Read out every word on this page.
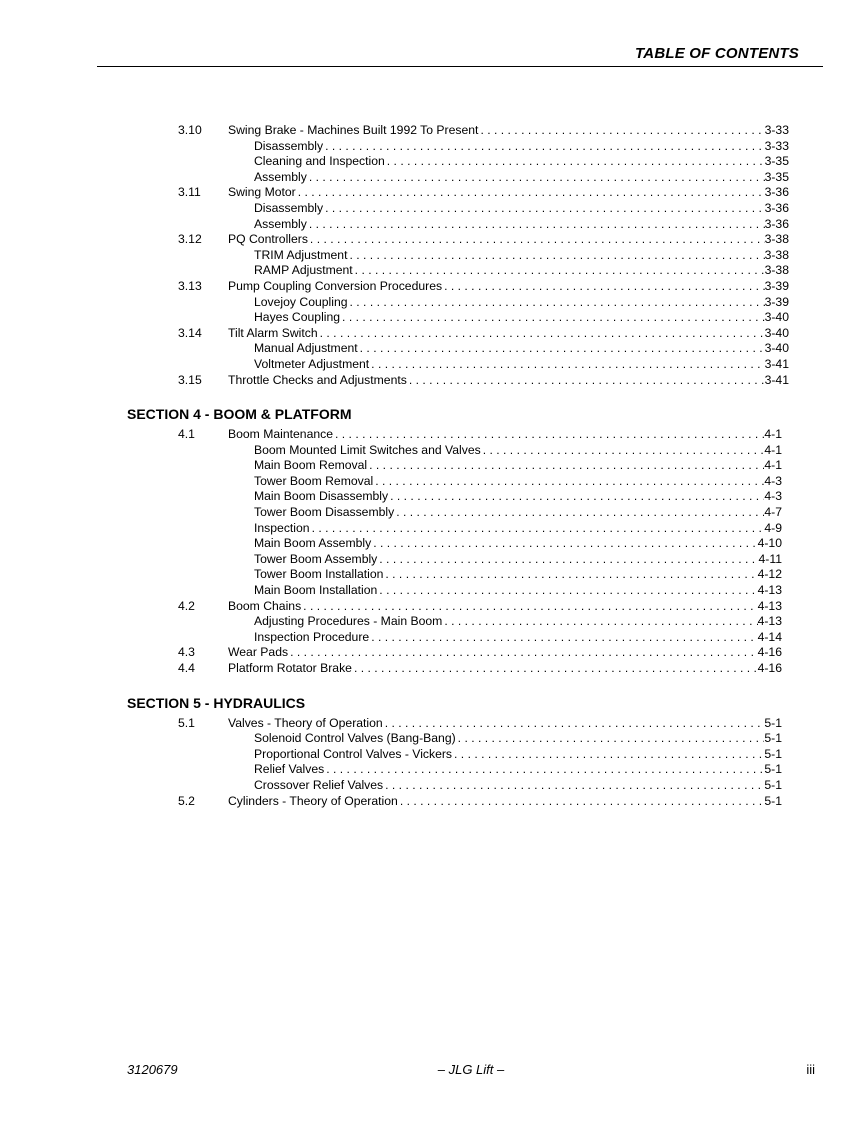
TABLE OF CONTENTS
3.10 Swing Brake - Machines Built 1992 To Present . . .	3-33
Disassembly . . .	3-33
Cleaning and Inspection . . .	3-35
Assembly . . .	3-35
3.11 Swing Motor . . .	3-36
Disassembly . . .	3-36
Assembly . . .	3-36
3.12 PQ Controllers . . .	3-38
TRIM Adjustment . . .	3-38
RAMP Adjustment . . .	3-38
3.13 Pump Coupling Conversion Procedures . . .	3-39
Lovejoy Coupling . . .	3-39
Hayes Coupling . . .	3-40
3.14 Tilt Alarm Switch . . .	3-40
Manual Adjustment . . .	3-40
Voltmeter Adjustment . . .	3-41
3.15 Throttle Checks and Adjustments . . .	3-41
SECTION 4 - BOOM & PLATFORM
4.1	Boom Maintenance . . .	4-1
Boom Mounted Limit Switches and Valves . . .	4-1
Main Boom Removal . . .	4-1
Tower Boom Removal . . .	4-3
Main Boom Disassembly . . .	4-3
Tower Boom Disassembly . . .	4-7
Inspection . . .	4-9
Main Boom Assembly . . .	4-10
Tower Boom Assembly . . .	4-11
Tower Boom Installation . . .	4-12
Main Boom Installation . . .	4-13
4.2	Boom Chains . . .	4-13
Adjusting Procedures - Main Boom . . .	4-13
Inspection Procedure . . .	4-14
4.3	Wear Pads . . .	4-16
4.4	Platform Rotator Brake . . .	4-16
SECTION 5 - HYDRAULICS
5.1	Valves - Theory of Operation . . .	5-1
Solenoid Control Valves (Bang-Bang) . . .	5-1
Proportional Control Valves - Vickers . . .	5-1
Relief Valves . . .	5-1
Crossover Relief Valves . . .	5-1
5.2	Cylinders - Theory of Operation . . .	5-1
3120679	– JLG Lift –	iii
